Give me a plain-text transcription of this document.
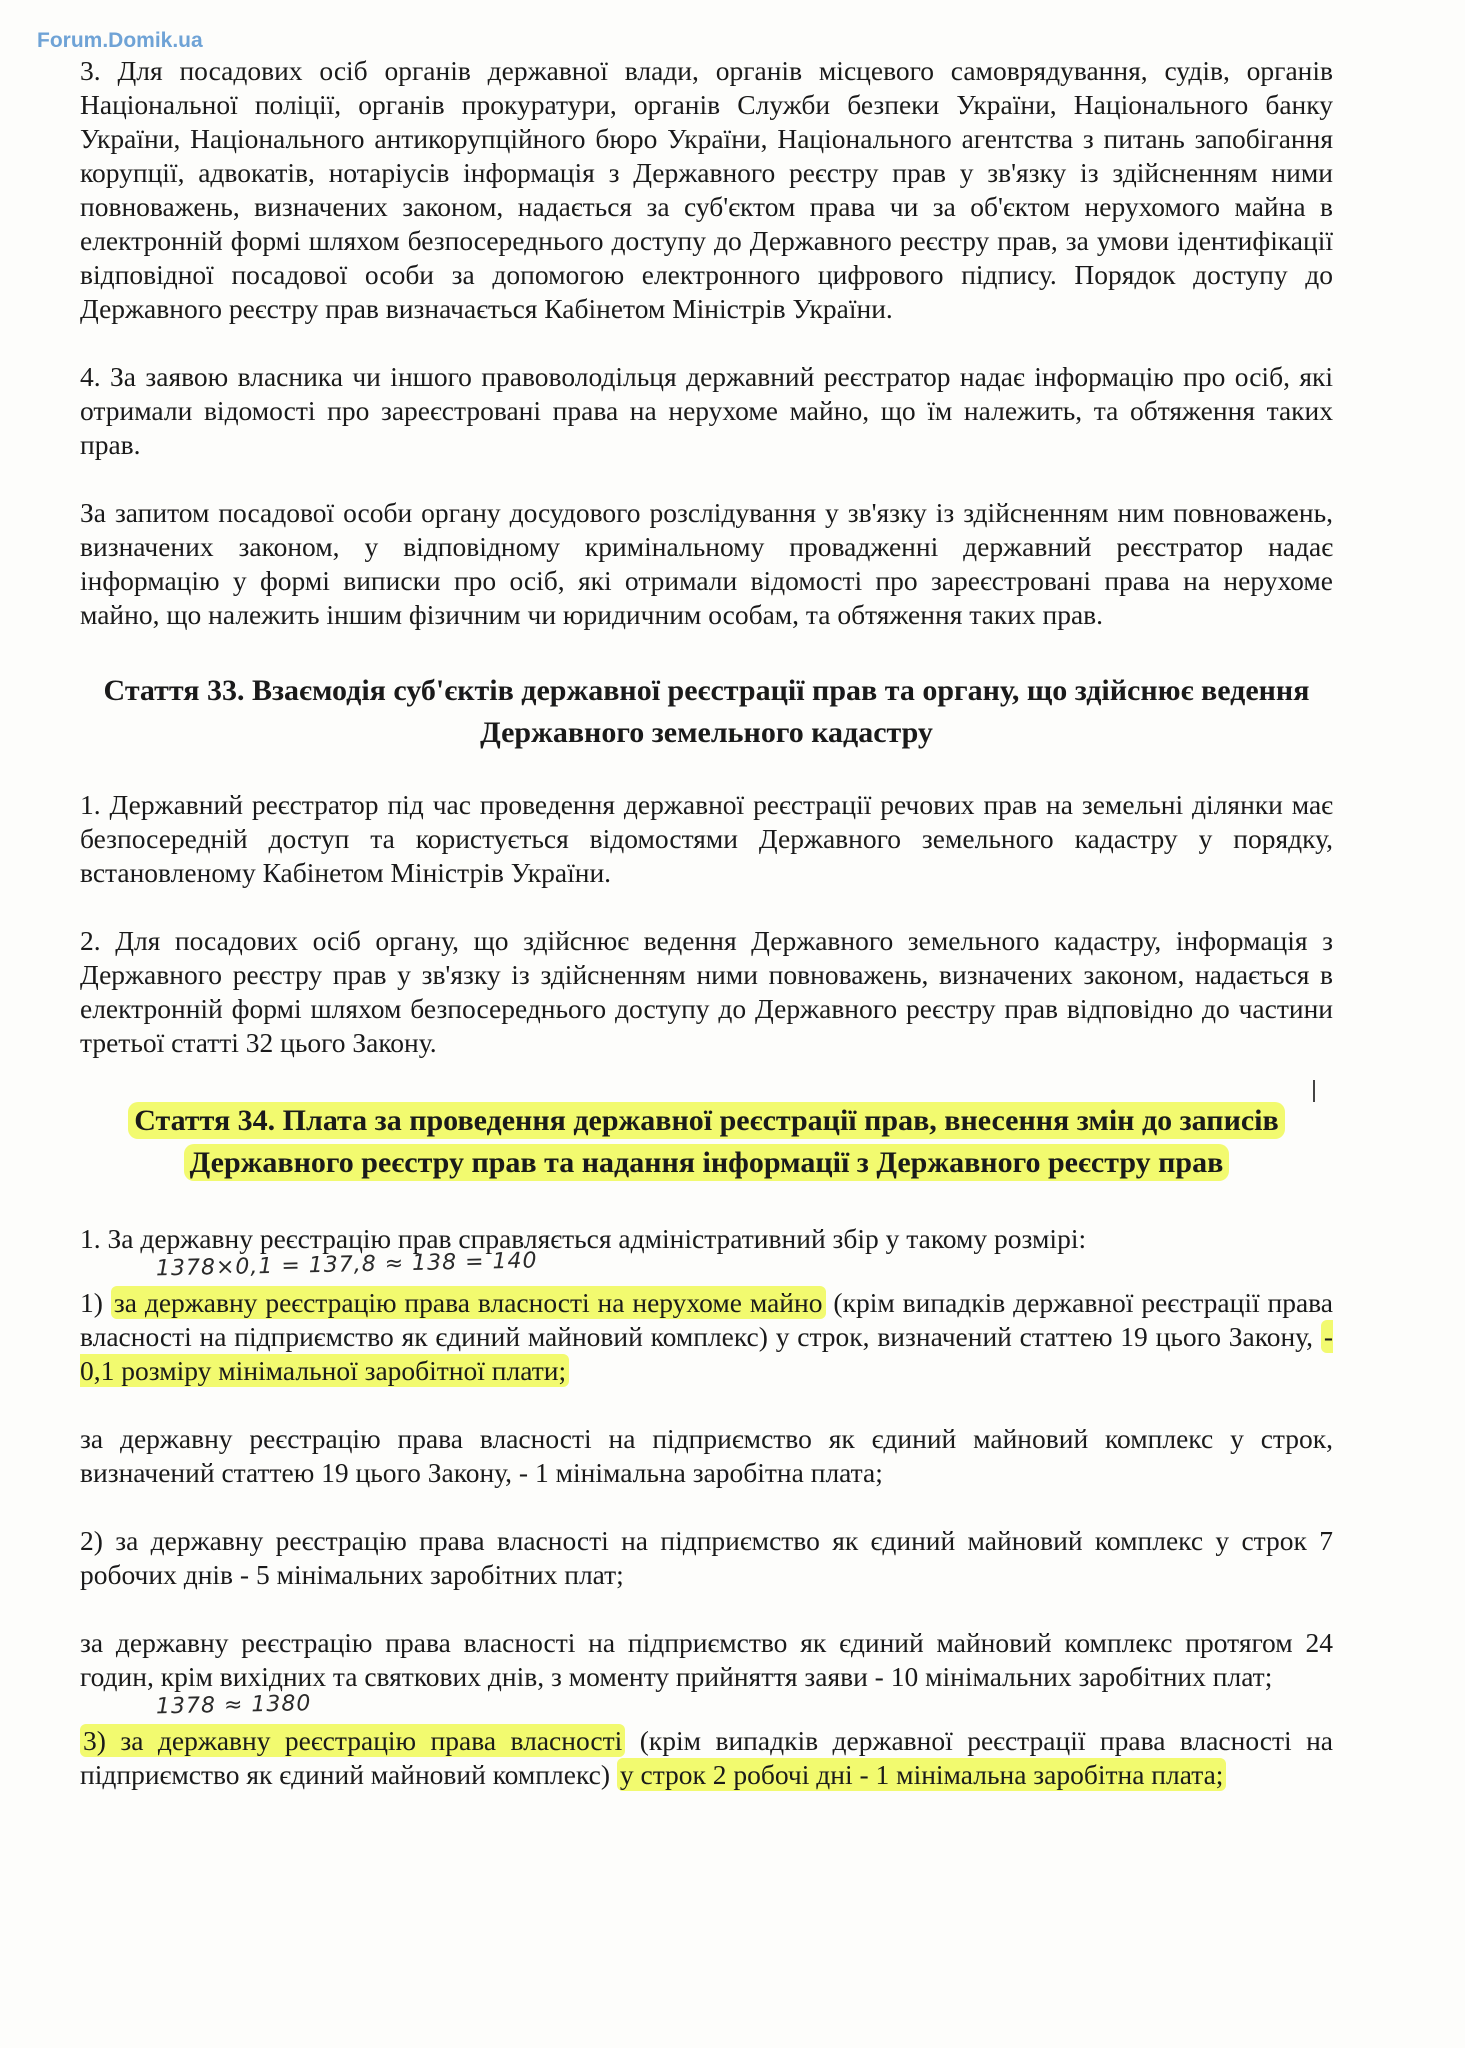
Forum.Domik.ua

3. Для посадових осіб органів державної влади, органів місцевого самоврядування, судів, органів Національної поліції, органів прокуратури, органів Служби безпеки України, Національного банку України, Національного антикорупційного бюро України, Національного агентства з питань запобігання корупції, адвокатів, нотаріусів інформація з Державного реєстру прав у зв'язку із здійсненням ними повноважень, визначених законом, надається за суб'єктом права чи за об'єктом нерухомого майна в електронній формі шляхом безпосереднього доступу до Державного реєстру прав, за умови ідентифікації відповідної посадової особи за допомогою електронного цифрового підпису. Порядок доступу до Державного реєстру прав визначається Кабінетом Міністрів України.

4. За заявою власника чи іншого правоволодільця державний реєстратор надає інформацію про осіб, які отримали відомості про зареєстровані права на нерухоме майно, що їм належить, та обтяження таких прав.

За запитом посадової особи органу досудового розслідування у зв'язку із здійсненням ним повноважень, визначених законом, у відповідному кримінальному провадженні державний реєстратор надає інформацію у формі виписки про осіб, які отримали відомості про зареєстровані права на нерухоме майно, що належить іншим фізичним чи юридичним особам, та обтяження таких прав.

Стаття 33. Взаємодія суб'єктів державної реєстрації прав та органу, що здійснює ведення Державного земельного кадастру

1. Державний реєстратор під час проведення державної реєстрації речових прав на земельні ділянки має безпосередній доступ та користується відомостями Державного земельного кадастру у порядку, встановленому Кабінетом Міністрів України.

2. Для посадових осіб органу, що здійснює ведення Державного земельного кадастру, інформація з Державного реєстру прав у зв'язку із здійсненням ними повноважень, визначених законом, надається в електронній формі шляхом безпосереднього доступу до Державного реєстру прав відповідно до частини третьої статті 32 цього Закону.

Стаття 34. Плата за проведення державної реєстрації прав, внесення змін до записів Державного реєстру прав та надання інформації з Державного реєстру прав

1. За державну реєстрацію прав справляється адміністративний збір у такому розмірі:

1378×0,1 = 137,8 ≈ 138 = 140

1) за державну реєстрацію права власності на нерухоме майно (крім випадків державної реєстрації права власності на підприємство як єдиний майновий комплекс) у строк, визначений статтею 19 цього Закону, - 0,1 розміру мінімальної заробітної плати;

за державну реєстрацію права власності на підприємство як єдиний майновий комплекс у строк, визначений статтею 19 цього Закону, - 1 мінімальна заробітна плата;

2) за державну реєстрацію права власності на підприємство як єдиний майновий комплекс у строк 7 робочих днів - 5 мінімальних заробітних плат;

за державну реєстрацію права власності на підприємство як єдиний майновий комплекс протягом 24 годин, крім вихідних та святкових днів, з моменту прийняття заяви - 10 мінімальних заробітних плат;

1378 ≈ 1380

3) за державну реєстрацію права власності (крім випадків державної реєстрації права власності на підприємство як єдиний майновий комплекс) у строк 2 робочі дні - 1 мінімальна заробітна плата;
